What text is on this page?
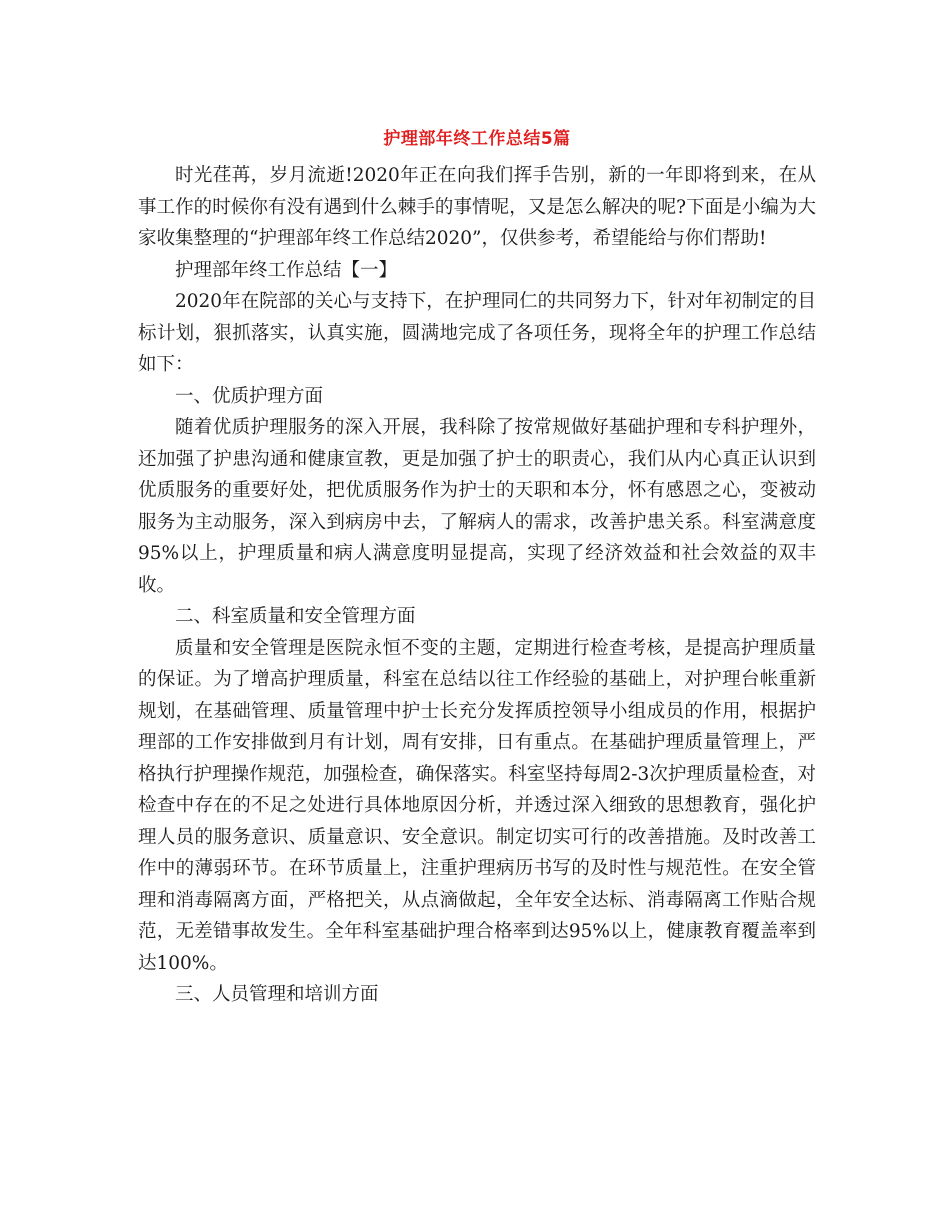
护理部年终工作总结5篇

时光荏苒，岁月流逝!2020年正在向我们挥手告别，新的一年即将到来，在从事工作的时候你有没有遇到什么棘手的事情呢，又是怎么解决的呢?下面是小编为大家收集整理的“护理部年终工作总结2020”，仅供参考，希望能给与你们帮助!

护理部年终工作总结【一】

2020年在院部的关心与支持下，在护理同仁的共同努力下，针对年初制定的目标计划，狠抓落实，认真实施，圆满地完成了各项任务，现将全年的护理工作总结如下：

一、优质护理方面

随着优质护理服务的深入开展，我科除了按常规做好基础护理和专科护理外，还加强了护患沟通和健康宣教，更是加强了护士的职责心，我们从内心真正认识到优质服务的重要好处，把优质服务作为护士的天职和本分，怀有感恩之心，变被动服务为主动服务，深入到病房中去，了解病人的需求，改善护患关系。科室满意度95%以上，护理质量和病人满意度明显提高，实现了经济效益和社会效益的双丰收。

二、科室质量和安全管理方面

质量和安全管理是医院永恒不变的主题，定期进行检查考核，是提高护理质量的保证。为了增高护理质量，科室在总结以往工作经验的基础上，对护理台帐重新规划，在基础管理、质量管理中护士长充分发挥质控领导小组成员的作用，根据护理部的工作安排做到月有计划，周有安排，日有重点。在基础护理质量管理上，严格执行护理操作规范，加强检查，确保落实。科室坚持每周2-3次护理质量检查，对检查中存在的不足之处进行具体地原因分析，并透过深入细致的思想教育，强化护理人员的服务意识、质量意识、安全意识。制定切实可行的改善措施。及时改善工作中的薄弱环节。在环节质量上，注重护理病历书写的及时性与规范性。在安全管理和消毒隔离方面，严格把关，从点滴做起，全年安全达标、消毒隔离工作贴合规范，无差错事故发生。全年科室基础护理合格率到达95%以上，健康教育覆盖率到达100%。

三、人员管理和培训方面
